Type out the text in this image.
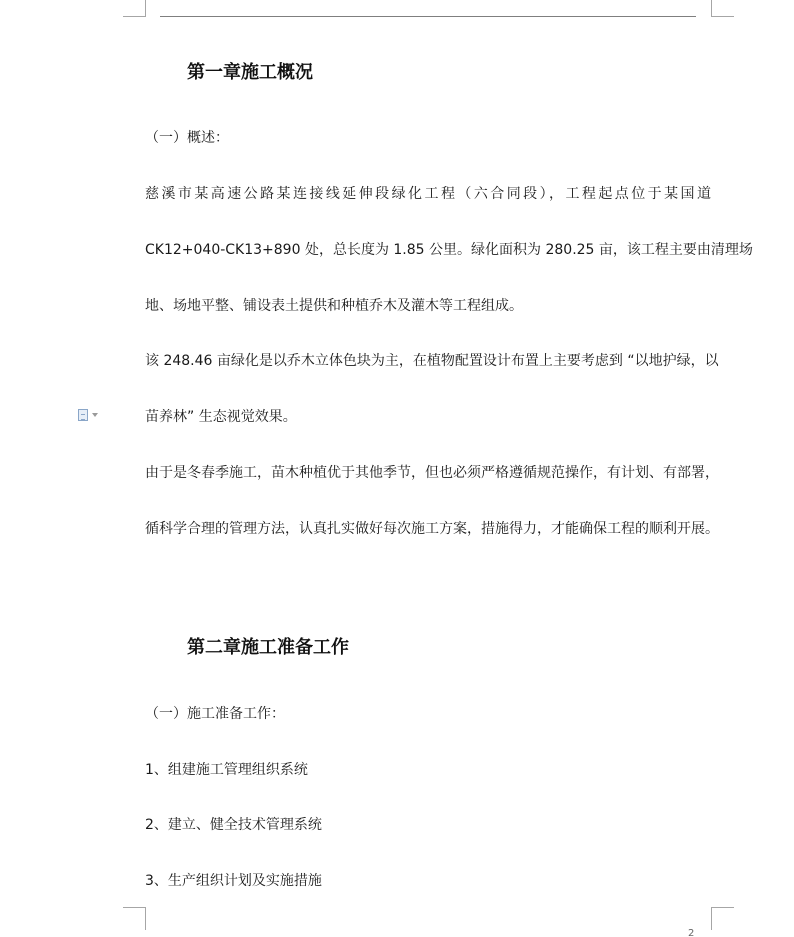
第一章施工概况
（一）概述：
慈溪市某高速公路某连接线延伸段绿化工程（六合同段），工程起点位于某国道
CK12+040-CK13+890 处，总长度为 1.85 公里。绿化面积为 280.25 亩，该工程主要由清理场
地、场地平整、铺设表土提供和种植乔木及灌木等工程组成。
该 248.46 亩绿化是以乔木立体色块为主，在植物配置设计布置上主要考虑到 “以地护绿，以
苗养林” 生态视觉效果。
由于是冬春季施工，苗木种植优于其他季节，但也必须严格遵循规范操作，有计划、有部署，
循科学合理的管理方法，认真扎实做好每次施工方案，措施得力，才能确保工程的顺利开展。
第二章施工准备工作
（一）施工准备工作：
1、组建施工管理组织系统
2、建立、健全技术管理系统
3、生产组织计划及实施措施
2
